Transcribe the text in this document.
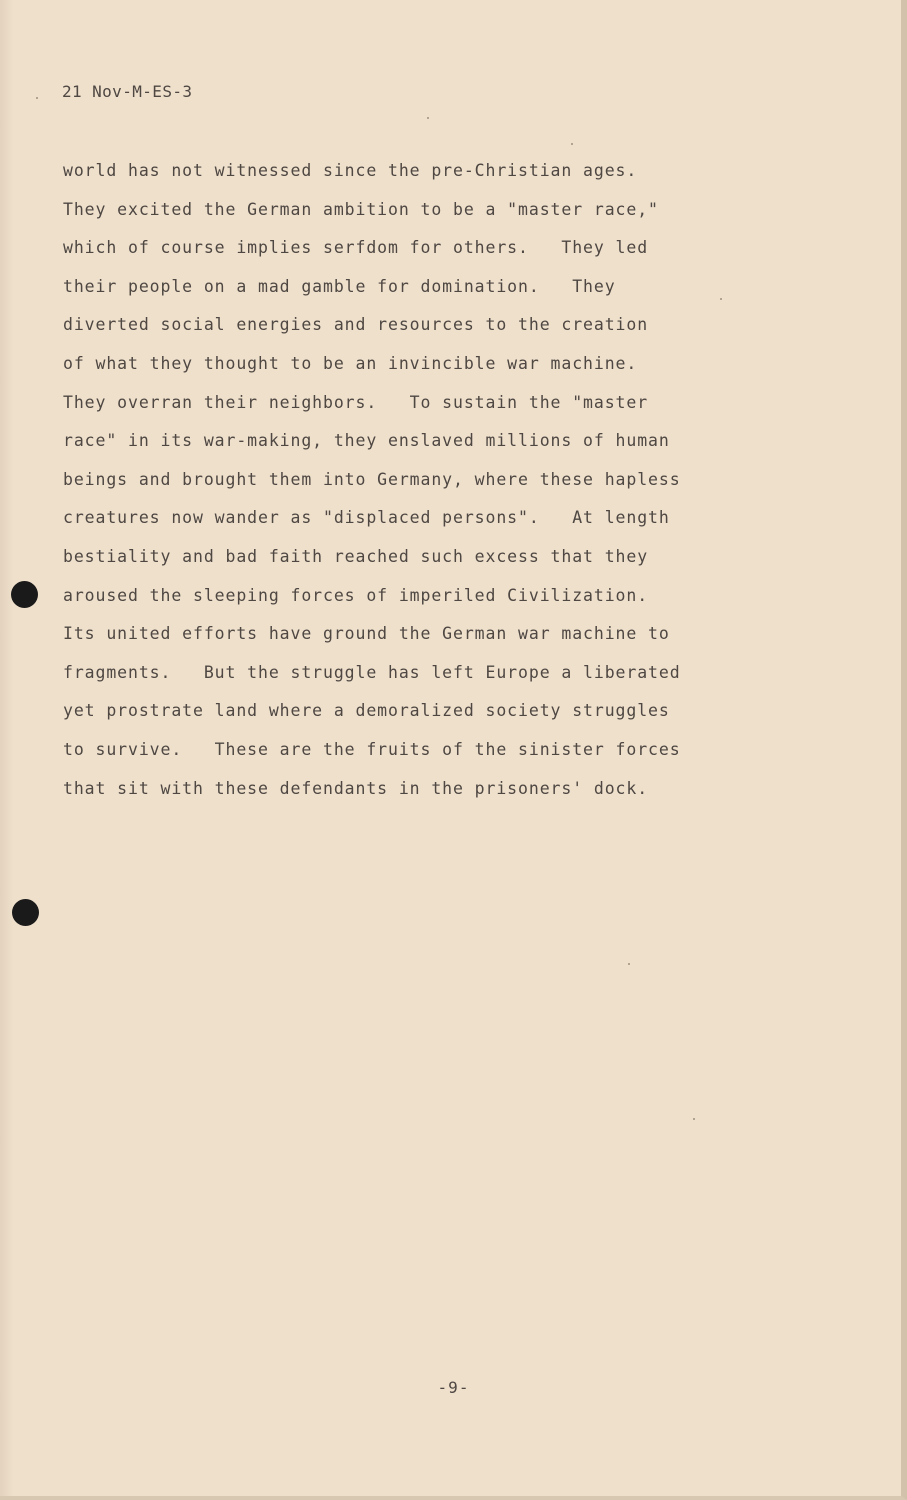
21 Nov-M-ES-3
world has not witnessed since the pre-Christian ages.
They excited the German ambition to be a "master race,"
which of course implies serfdom for others.   They led
their people on a mad gamble for domination.   They
diverted social energies and resources to the creation
of what they thought to be an invincible war machine.
They overran their neighbors.   To sustain the "master
race" in its war-making, they enslaved millions of human
beings and brought them into Germany, where these hapless
creatures now wander as "displaced persons".   At length
bestiality and bad faith reached such excess that they
aroused the sleeping forces of imperiled Civilization.
Its united efforts have ground the German war machine to
fragments.   But the struggle has left Europe a liberated
yet prostrate land where a demoralized society struggles
to survive.   These are the fruits of the sinister forces
that sit with these defendants in the prisoners' dock.
-9-
